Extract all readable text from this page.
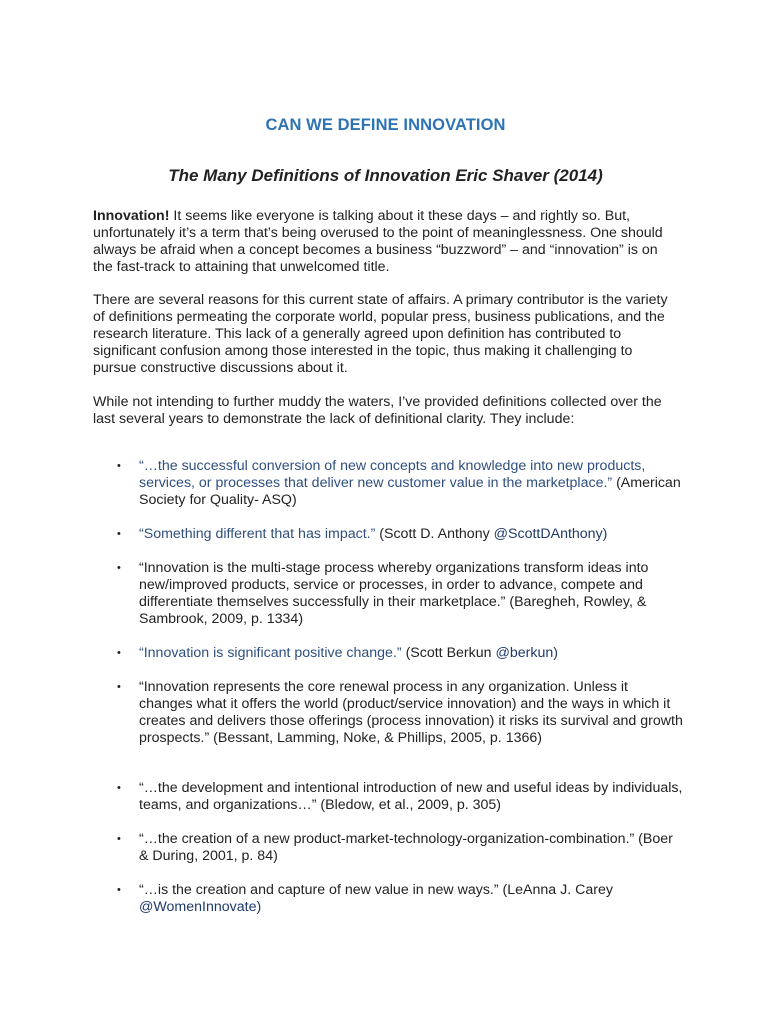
CAN WE DEFINE INNOVATION
The Many Definitions of Innovation Eric Shaver (2014)

Innovation! It seems like everyone is talking about it these days – and rightly so. But, unfortunately it’s a term that’s being overused to the point of meaninglessness. One should always be afraid when a concept becomes a business “buzzword” – and “innovation” is on the fast-track to attaining that unwelcomed title.

There are several reasons for this current state of affairs. A primary contributor is the variety of definitions permeating the corporate world, popular press, business publications, and the research literature. This lack of a generally agreed upon definition has contributed to significant confusion among those interested in the topic, thus making it challenging to pursue constructive discussions about it.

While not intending to further muddy the waters, I’ve provided definitions collected over the last several years to demonstrate the lack of definitional clarity. They include:

• “…the successful conversion of new concepts and knowledge into new products, services, or processes that deliver new customer value in the marketplace.” (American Society for Quality- ASQ)
• “Something different that has impact.” (Scott D. Anthony @ScottDAnthony)
• “Innovation is the multi-stage process whereby organizations transform ideas into new/improved products, service or processes, in order to advance, compete and differentiate themselves successfully in their marketplace.” (Baregheh, Rowley, & Sambrook, 2009, p. 1334)
• “Innovation is significant positive change.” (Scott Berkun @berkun)
• “Innovation represents the core renewal process in any organization. Unless it changes what it offers the world (product/service innovation) and the ways in which it creates and delivers those offerings (process innovation) it risks its survival and growth prospects.” (Bessant, Lamming, Noke, & Phillips, 2005, p. 1366)
• “…the development and intentional introduction of new and useful ideas by individuals, teams, and organizations…” (Bledow, et al., 2009, p. 305)
• “…the creation of a new product-market-technology-organization-combination.” (Boer & During, 2001, p. 84)
• “…is the creation and capture of new value in new ways.” (LeAnna J. Carey @WomenInnovate)
